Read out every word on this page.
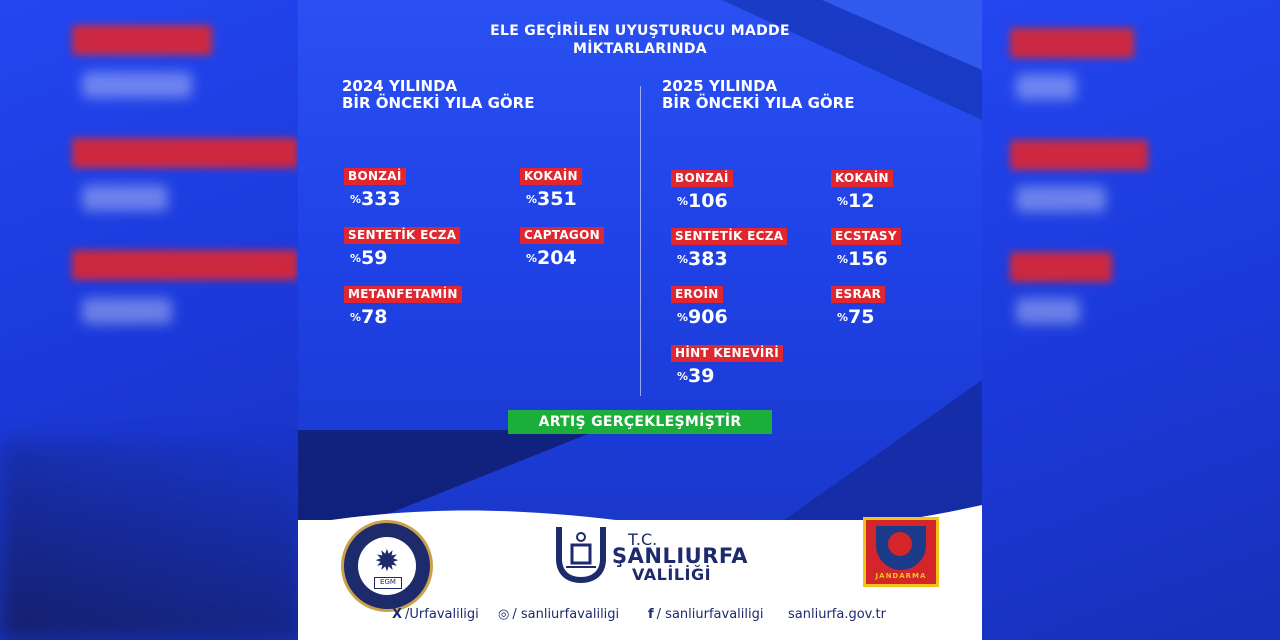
ELE GEÇİRİLEN UYUŞTURUCU MADDE
MİKTARLARINDA
2024 YILINDA
BİR ÖNCEKİ YILA GÖRE
2025 YILINDA
BİR ÖNCEKİ YILA GÖRE
BONZAİ
%333
KOKAİN
%351
SENTETİK ECZA
%59
CAPTAGON
%204
METANFETAMİN
%78
BONZAİ
%106
KOKAİN
%12
SENTETİK ECZA
%383
ECSTASY
%156
EROİN
%906
ESRAR
%75
HİNT KENEVİRİ
%39
ARTIŞ GERÇEKLEŞMİŞTİR
✹
EGM
T.C.
ŞANLIURFA
VALİLİĞİ	JANDARMA
X /Urfavaliligi ◎ / sanliurfavaliligi f / sanliurfavaliligi sanliurfa.gov.tr
